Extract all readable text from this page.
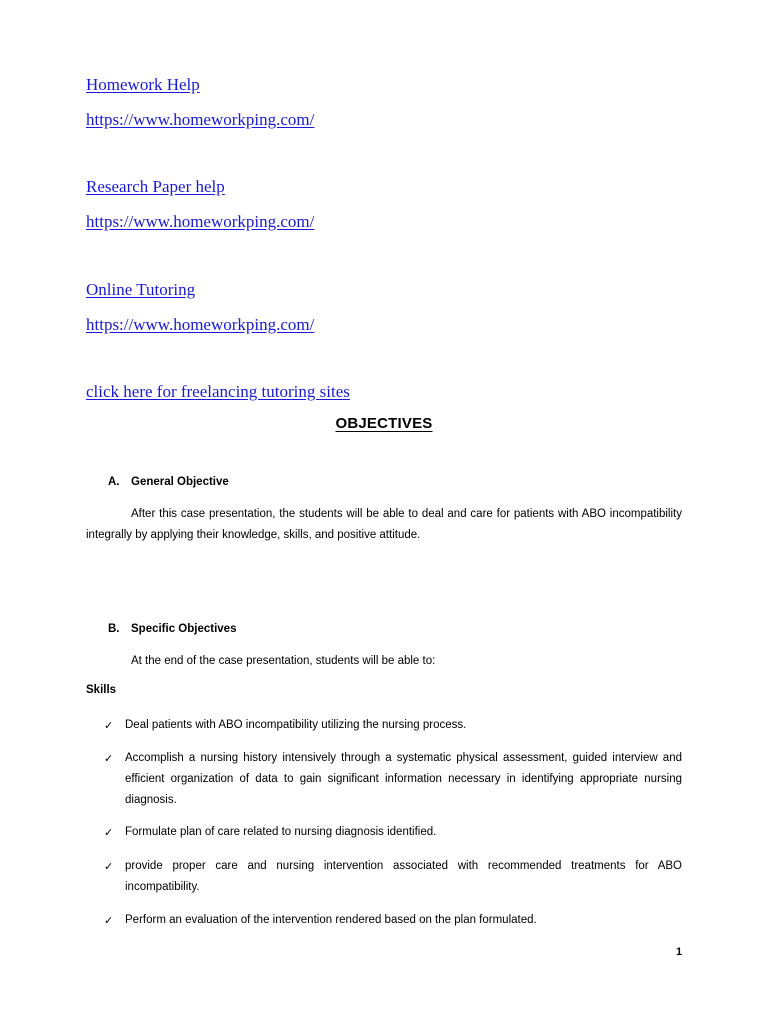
Homework Help
https://www.homeworkping.com/
Research Paper help
https://www.homeworkping.com/
Online Tutoring
https://www.homeworkping.com/
click here for freelancing tutoring sites
OBJECTIVES
A. General Objective
After this case presentation, the students will be able to deal and care for patients with ABO incompatibility integrally by applying their knowledge, skills, and positive attitude.
B. Specific Objectives
At the end of the case presentation, students will be able to:
Skills
✓ Deal patients with ABO incompatibility utilizing the nursing process.
✓ Accomplish a nursing history intensively through a systematic physical assessment, guided interview and efficient organization of data to gain significant information necessary in identifying appropriate nursing diagnosis.
✓ Formulate plan of care related to nursing diagnosis identified.
✓ provide proper care and nursing intervention associated with recommended treatments for ABO incompatibility.
✓ Perform an evaluation of the intervention rendered based on the plan formulated.
1
